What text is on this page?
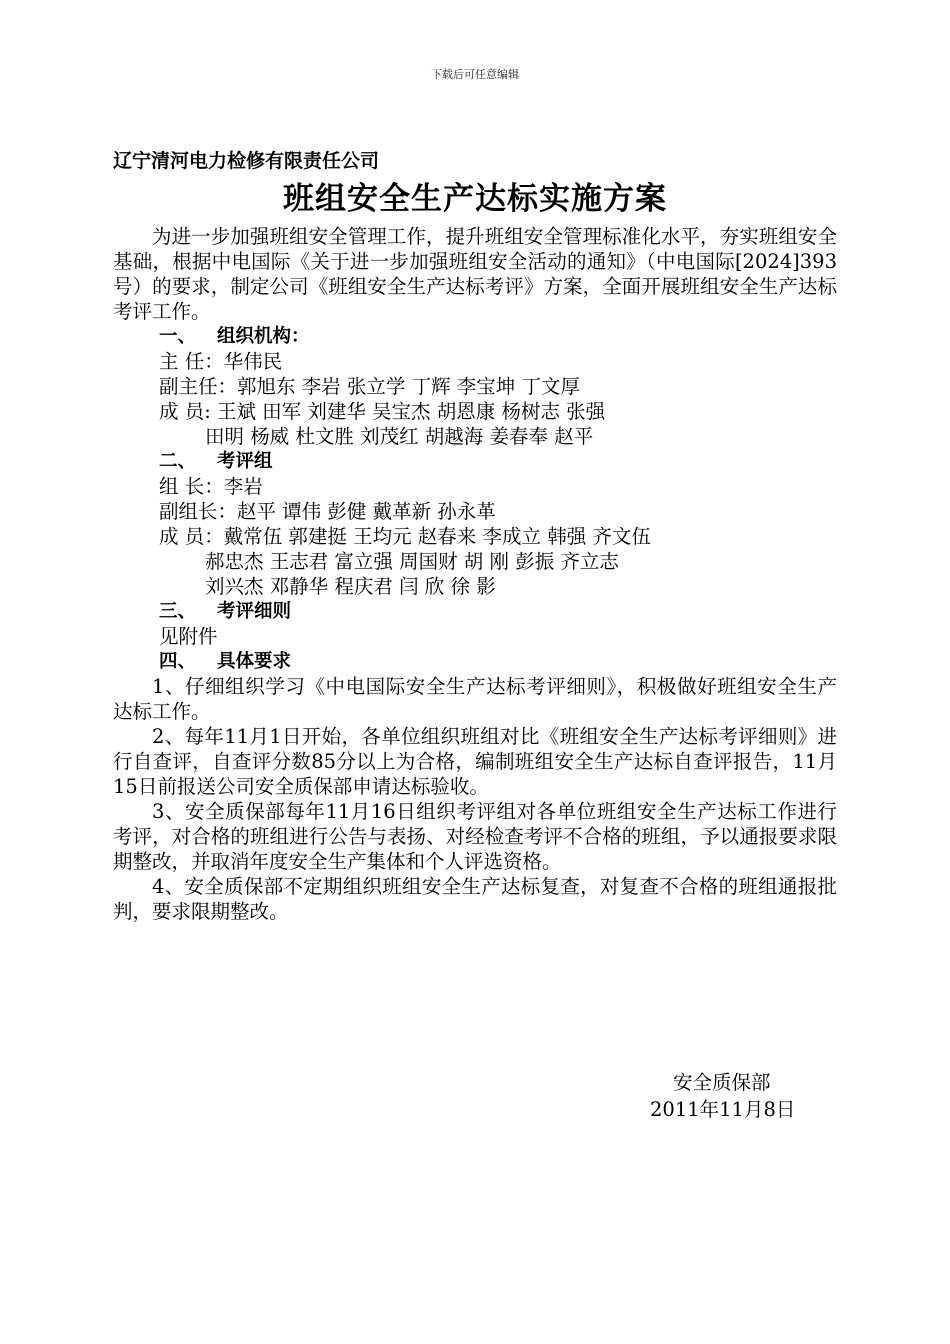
下载后可任意编辑

辽宁清河电力检修有限责任公司

班组安全生产达标实施方案

为进一步加强班组安全管理工作，提升班组安全管理标准化水平，夯实班组安全基础，根据中电国际《关于进一步加强班组安全活动的通知》（中电国际[2024]393号）的要求，制定公司《班组安全生产达标考评》方案，全面开展班组安全生产达标考评工作。

一、 组织机构：

主 任：华伟民

副主任：郭旭东 李岩 张立学 丁辉 李宝坤 丁文厚

成 员: 王斌 田军 刘建华 吴宝杰 胡恩康 杨树志 张强

田明 杨威 杜文胜 刘茂红 胡越海 姜春奉 赵平

二、 考评组

组 长：李岩

副组长：赵平 谭伟 彭健 戴革新 孙永革

成 员：戴常伍 郭建挺 王均元 赵春来 李成立 韩强 齐文伍

郝忠杰 王志君 富立强 周国财 胡 刚 彭振 齐立志

刘兴杰 邓静华 程庆君 闫 欣 徐 影

三、 考评细则

见附件

四、 具体要求

1、仔细组织学习《中电国际安全生产达标考评细则》，积极做好班组安全生产达标工作。

2、每年11月1日开始，各单位组织班组对比《班组安全生产达标考评细则》进行自查评，自查评分数85分以上为合格，编制班组安全生产达标自查评报告，11月15日前报送公司安全质保部申请达标验收。

3、安全质保部每年11月16日组织考评组对各单位班组安全生产达标工作进行考评，对合格的班组进行公告与表扬、对经检查考评不合格的班组，予以通报要求限期整改，并取消年度安全生产集体和个人评选资格。

4、安全质保部不定期组织班组安全生产达标复查，对复查不合格的班组通报批判，要求限期整改。

安全质保部
2011年11月8日
